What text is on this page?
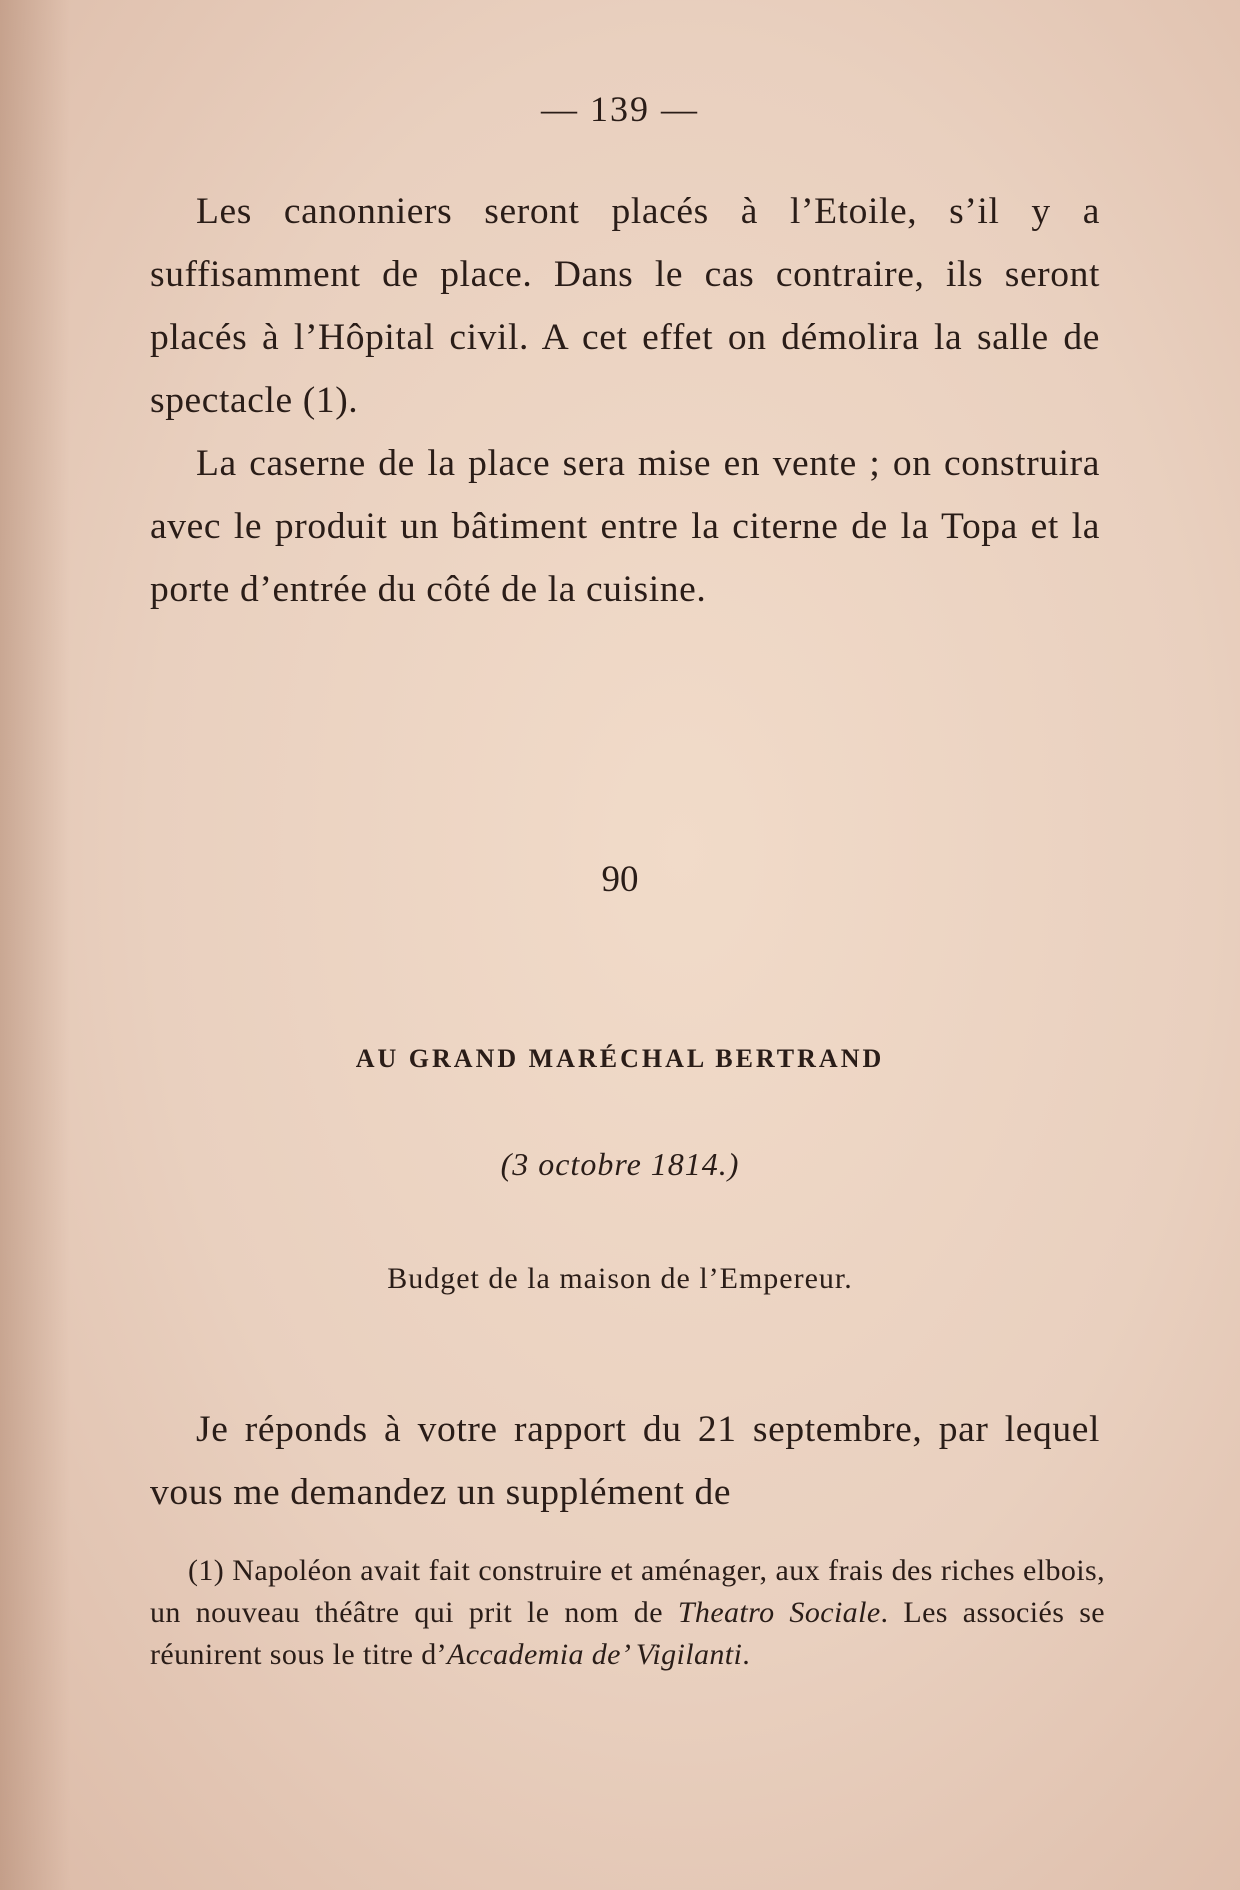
— 139 —

Les canonniers seront placés à l’Etoile, s’il y a suffisamment de place. Dans le cas contraire, ils seront placés à l’Hôpital civil. A cet effet on démolira la salle de spectacle (1).

La caserne de la place sera mise en vente ; on construira avec le produit un bâtiment entre la citerne de la Topa et la porte d’entrée du côté de la cuisine.

90
AU GRAND MARÉCHAL BERTRAND
(3 octobre 1814.)
Budget de la maison de l’Empereur.

Je réponds à votre rapport du 21 septembre, par lequel vous me demandez un supplément de

(1) Napoléon avait fait construire et aménager, aux frais des riches elbois, un nouveau théâtre qui prit le nom de Theatro Sociale. Les associés se réunirent sous le titre d’Accademia de’ Vigilanti.
